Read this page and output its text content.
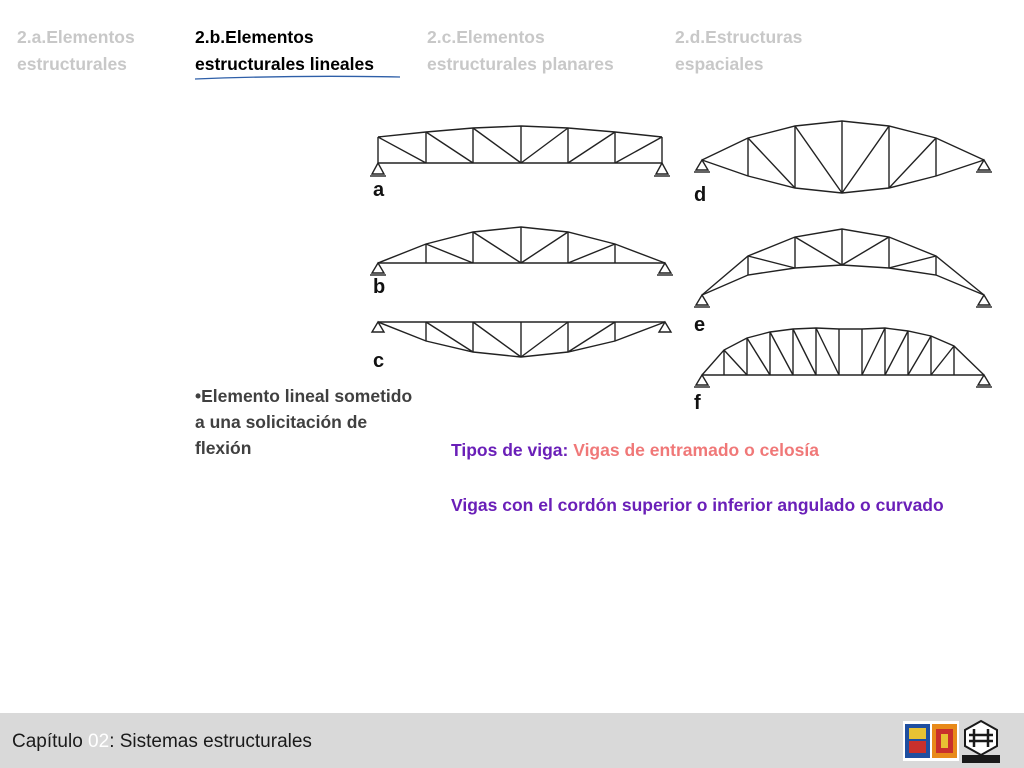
2.a.Elementos
estructurales
2.b.Elementos
estructurales lineales
2.c.Elementos
estructurales planares
2.d.Estructuras
espaciales
a
b
c
d
e
f
•Elemento lineal sometido a una solicitación de flexión	Tipos de viga: Vigas de entramado o celosía
Vigas con el cordón superior o inferior angulado o curvado
Capítulo 02: Sistemas estructurales
